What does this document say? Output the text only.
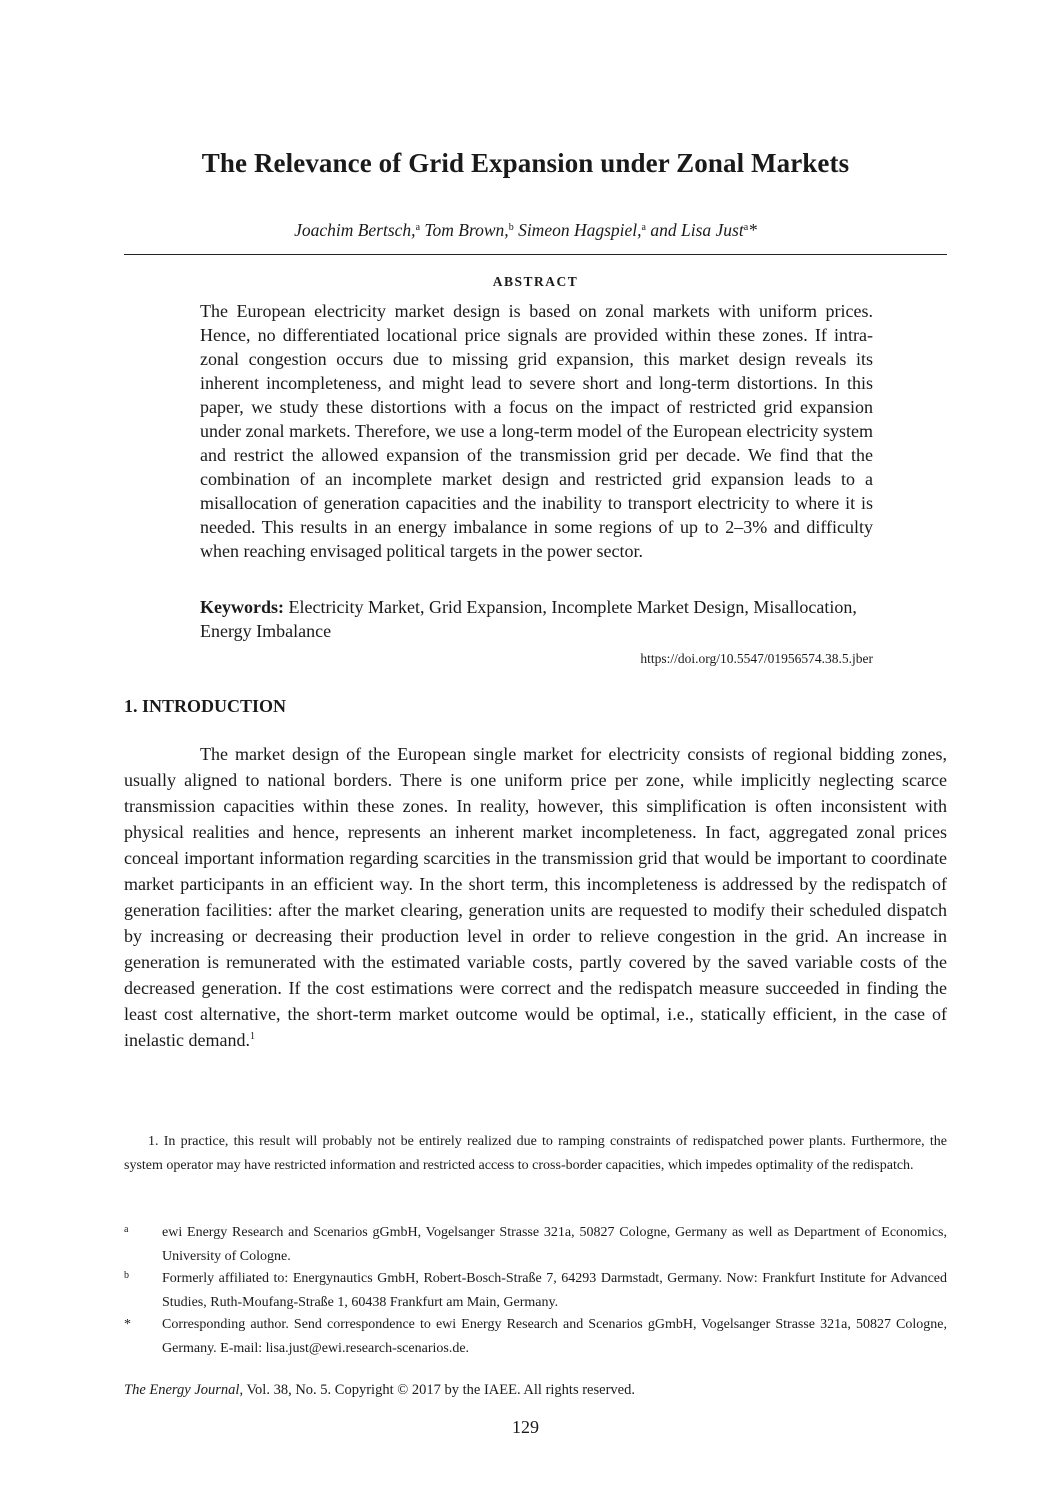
The Relevance of Grid Expansion under Zonal Markets
Joachim Bertsch,$^a$ Tom Brown,$^b$ Simeon Hagspiel,$^a$ and Lisa Just$^a$*
ABSTRACT

The European electricity market design is based on zonal markets with uniform prices. Hence, no differentiated locational price signals are provided within these zones. If intra-zonal congestion occurs due to missing grid expansion, this market design reveals its inherent incompleteness, and might lead to severe short and long-term distortions. In this paper, we study these distortions with a focus on the impact of restricted grid expansion under zonal markets. Therefore, we use a long-term model of the European electricity system and restrict the allowed expansion of the transmission grid per decade. We find that the combination of an incomplete market design and restricted grid expansion leads to a misallocation of generation capacities and the inability to transport electricity to where it is needed. This results in an energy imbalance in some regions of up to 2–3% and difficulty when reaching envisaged political targets in the power sector.

Keywords: Electricity Market, Grid Expansion, Incomplete Market Design, Misallocation, Energy Imbalance

https://doi.org/10.5547/01956574.38.5.jber
1. INTRODUCTION

The market design of the European single market for electricity consists of regional bidding zones, usually aligned to national borders. There is one uniform price per zone, while implicitly neglecting scarce transmission capacities within these zones. In reality, however, this simplification is often inconsistent with physical realities and hence, represents an inherent market incompleteness. In fact, aggregated zonal prices conceal important information regarding scarcities in the transmission grid that would be important to coordinate market participants in an efficient way. In the short term, this incompleteness is addressed by the redispatch of generation facilities: after the market clearing, generation units are requested to modify their scheduled dispatch by increasing or decreasing their production level in order to relieve congestion in the grid. An increase in generation is remunerated with the estimated variable costs, partly covered by the saved variable costs of the decreased generation. If the cost estimations were correct and the redispatch measure succeeded in finding the least cost alternative, the short-term market outcome would be optimal, i.e., statically efficient, in the case of inelastic demand.$^1$

1. In practice, this result will probably not be entirely realized due to ramping constraints of redispatched power plants. Furthermore, the system operator may have restricted information and restricted access to cross-border capacities, which impedes optimality of the redispatch.

a ewi Energy Research and Scenarios gGmbH, Vogelsanger Strasse 321a, 50827 Cologne, Germany as well as Department of Economics, University of Cologne.
b Formerly affiliated to: Energynautics GmbH, Robert-Bosch-Straße 7, 64293 Darmstadt, Germany. Now: Frankfurt Institute for Advanced Studies, Ruth-Moufang-Straße 1, 60438 Frankfurt am Main, Germany.
* Corresponding author. Send correspondence to ewi Energy Research and Scenarios gGmbH, Vogelsanger Strasse 321a, 50827 Cologne, Germany. E-mail: lisa.just@ewi.research-scenarios.de.
The Energy Journal, Vol. 38, No. 5. Copyright © 2017 by the IAEE. All rights reserved.
129
